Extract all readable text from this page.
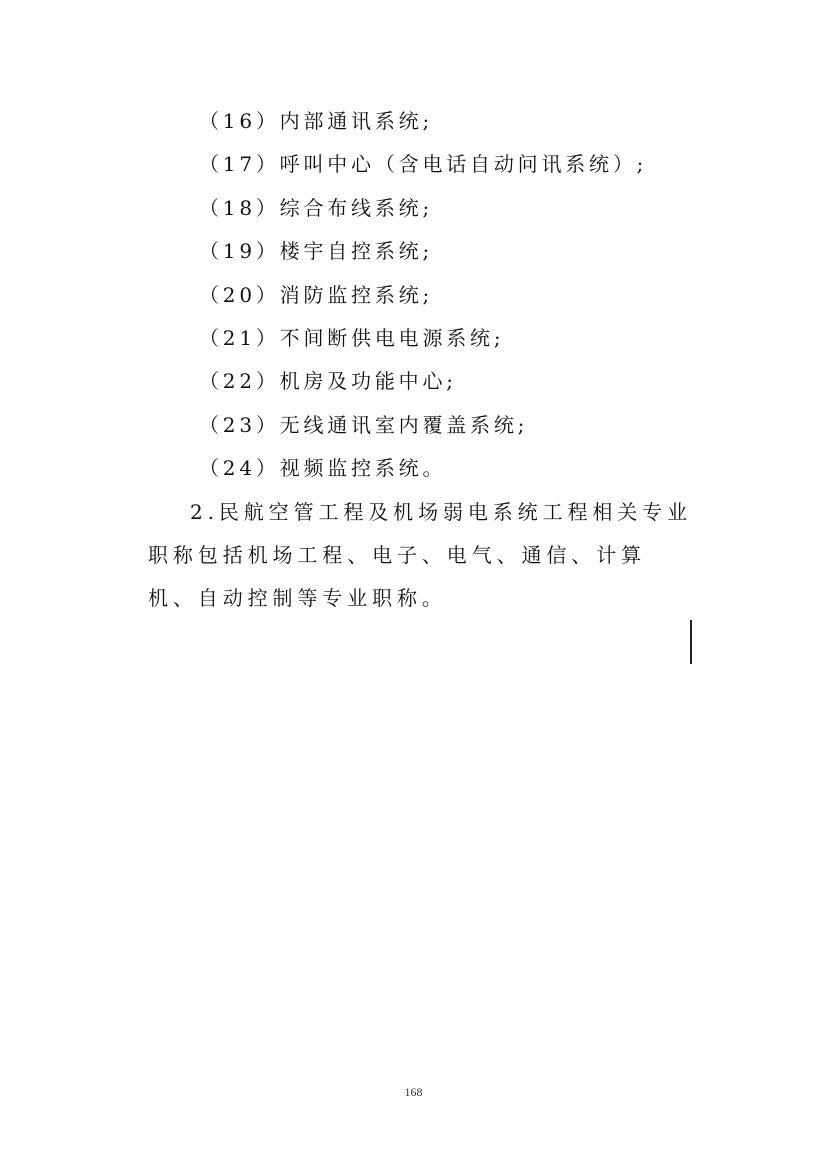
（16）内部通讯系统;
（17）呼叫中心（含电话自动问讯系统）;
（18）综合布线系统;
（19）楼宇自控系统;
（20）消防监控系统;
（21）不间断供电电源系统;
（22）机房及功能中心;
（23）无线通讯室内覆盖系统;
（24）视频监控系统。

2.民航空管工程及机场弱电系统工程相关专业职称包括机场工程、电子、电气、通信、计算机、自动控制等专业职称。

168
